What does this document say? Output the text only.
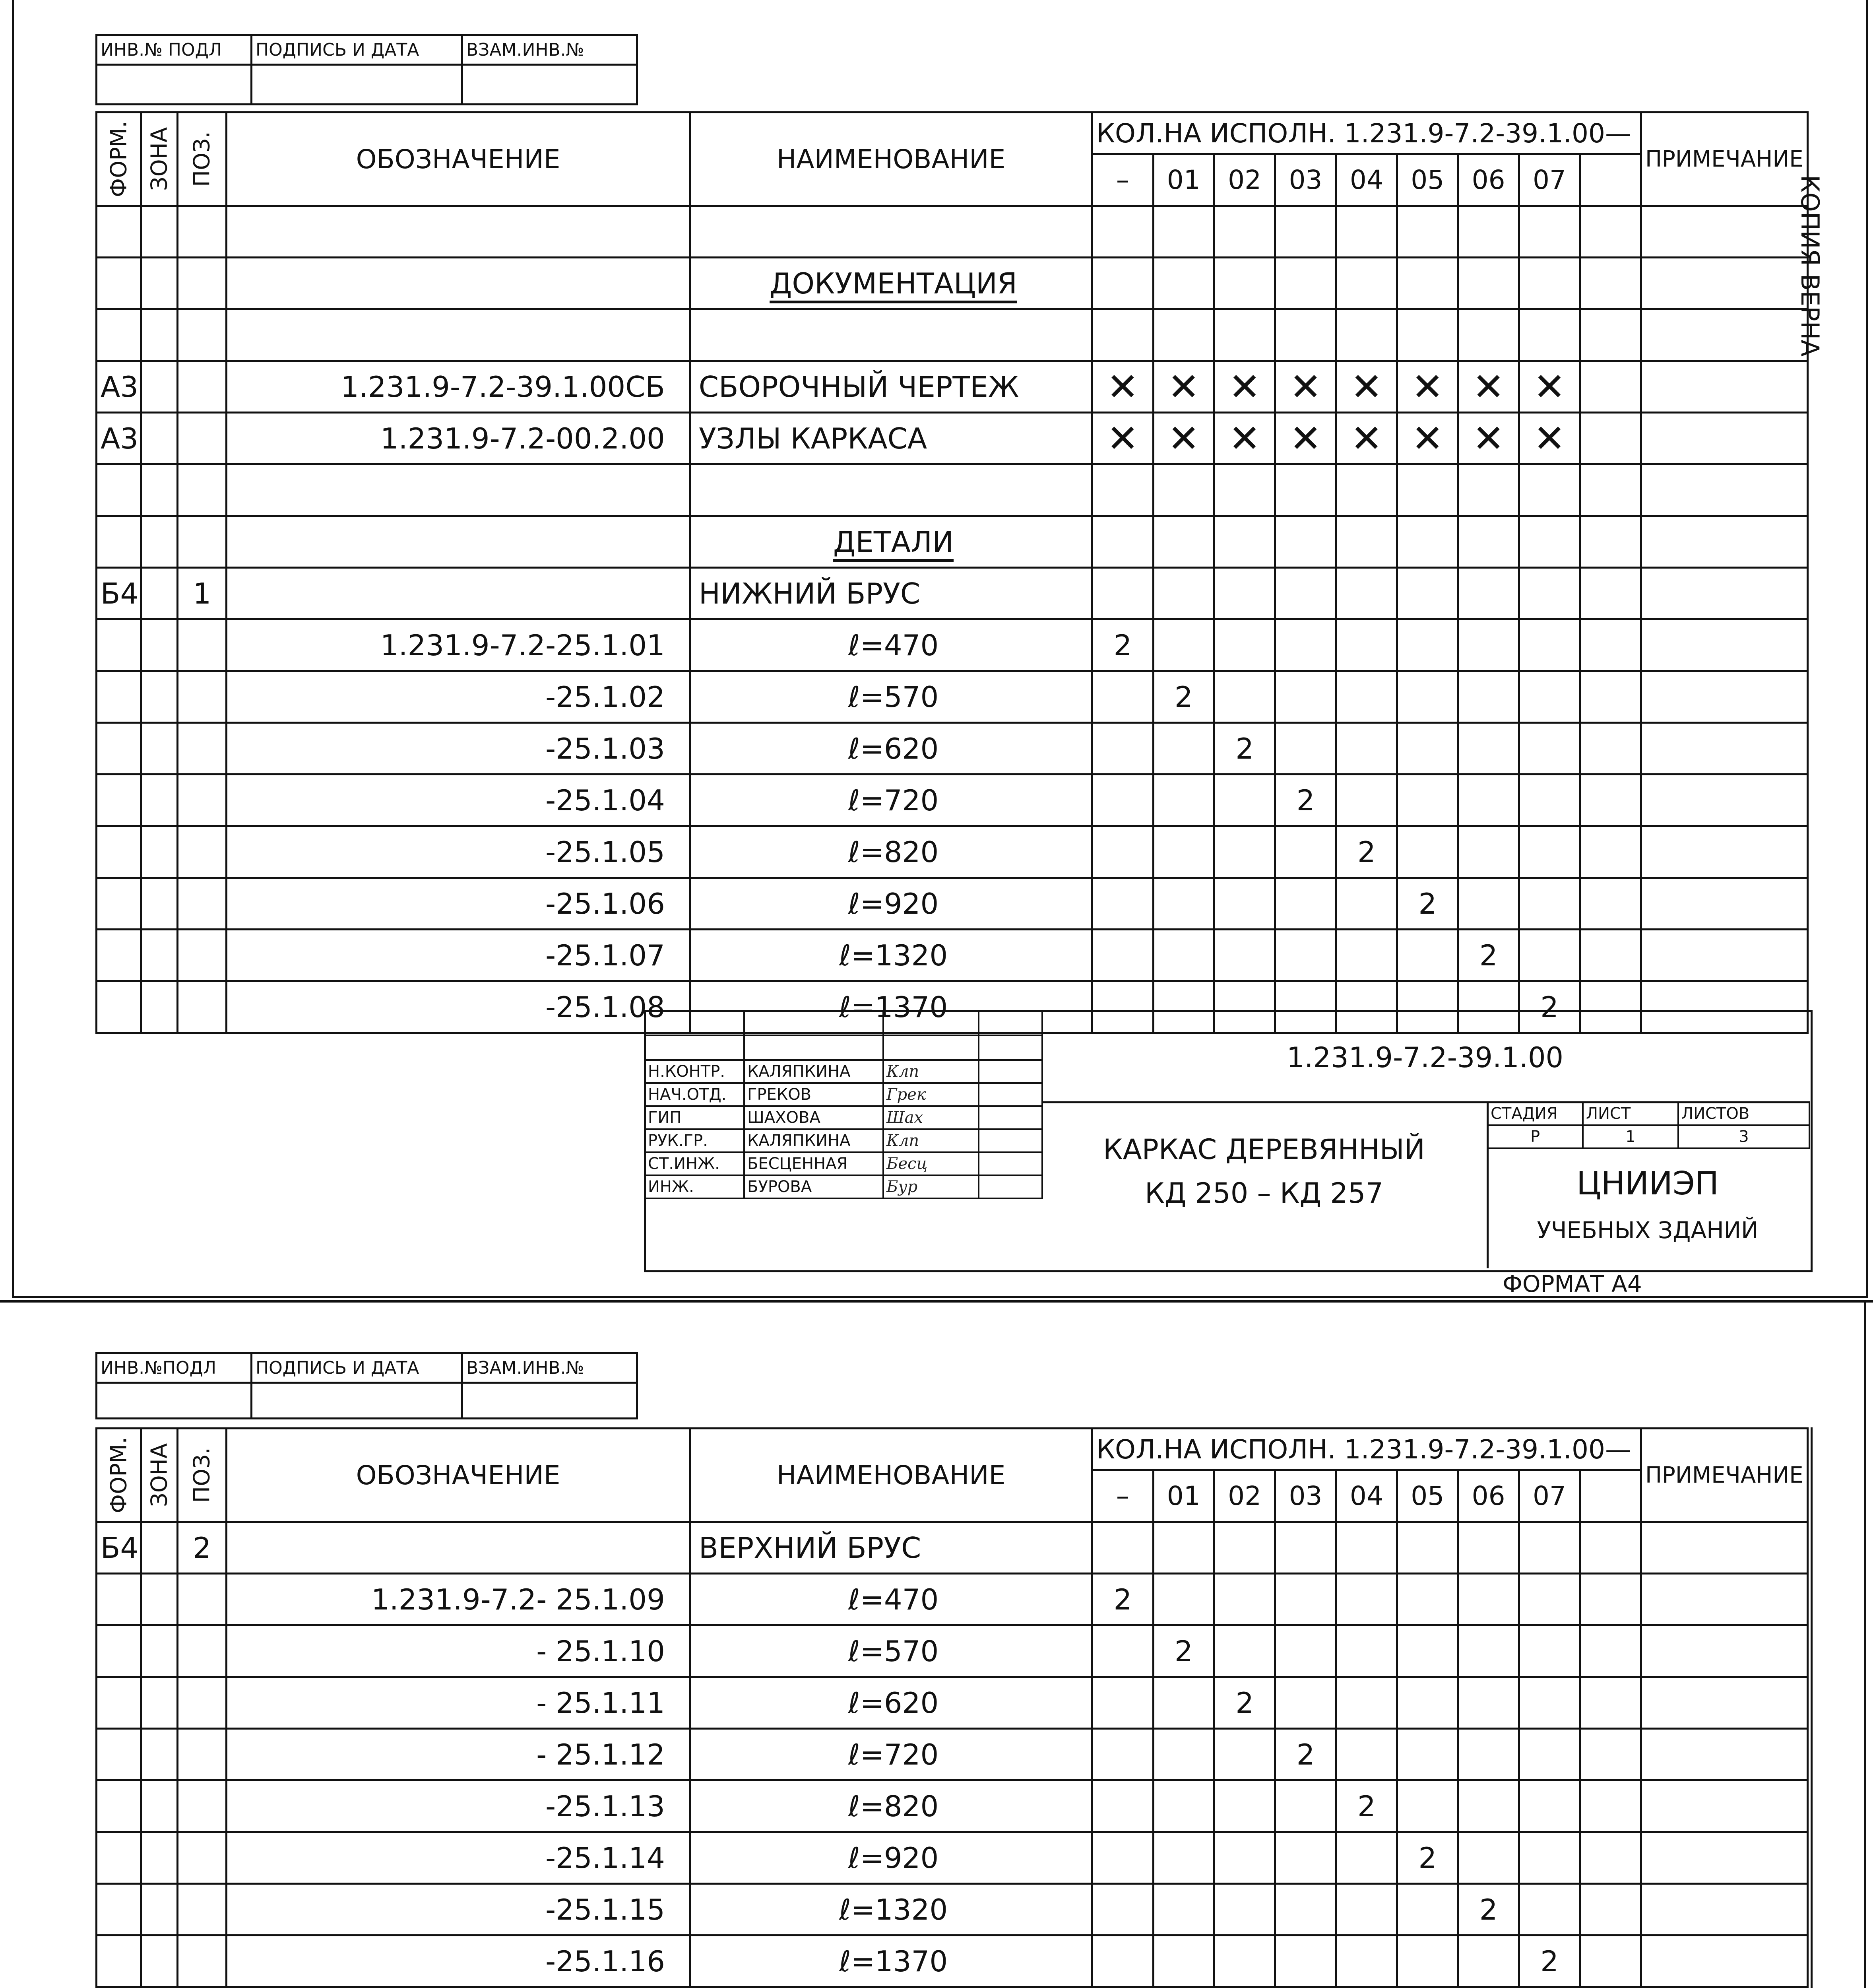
ИНВ.№ ПОДЛ	ПОДПИСЬ И ДАТА	ВЗАМ.ИНВ.№

ФОРМ.	ЗОНА	ПОЗ.	ОБОЗНАЧЕНИЕ	НАИМЕНОВАНИЕ	КОЛ.НА ИСПОЛН. 1.231.9-7.2-39.1.00—									ПРИМЕЧАНИЕ
					–	01	02	03	04	05	06	07		

				ДОКУМЕНТАЦИЯ										

А3			1.231.9-7.2-39.1.00СБ	СБОРОЧНЫЙ ЧЕРТЕЖ	✕	✕	✕	✕	✕	✕	✕	✕		
А3			1.231.9-7.2-00.2.00	УЗЛЫ КАРКАСА	✕	✕	✕	✕	✕	✕	✕	✕		

				ДЕТАЛИ										
Б4		1		НИЖНИЙ БРУС										
			1.231.9-7.2-25.1.01	ℓ=470	2									
			-25.1.02	ℓ=570		2								
			-25.1.03	ℓ=620			2							
			-25.1.04	ℓ=720				2						
			-25.1.05	ℓ=820					2					
			-25.1.06	ℓ=920						2				
			-25.1.07	ℓ=1320							2			
			-25.1.08	ℓ=1370								2		

Н.КОНТР.	КАЛЯПКИНА	Клп	
НАЧ.ОТД.	ГРЕКОВ	Грек	
ГИП	ШАХОВА	Шах	
РУК.ГР.	КАЛЯПКИНА	Клп	
СТ.ИНЖ.	БЕСЦЕННАЯ	Бесц	
ИНЖ.	БУРОВА	Бур	
1.231.9-7.2-39.1.00
КАРКАС ДЕРЕВЯННЫЙ
КД 250 – КД 257
СТАДИЯ	ЛИСТ	ЛИСТОВ
Р	1	3
ЦНИИЭП
УЧЕБНЫХ ЗДАНИЙ
ФОРМАТ А4
КОПИЯ ВЕРНА
ИНВ.№ПОДЛ	ПОДПИСЬ И ДАТА	ВЗАМ.ИНВ.№

ФОРМ.	ЗОНА	ПОЗ.	ОБОЗНАЧЕНИЕ	НАИМЕНОВАНИЕ	КОЛ.НА ИСПОЛН. 1.231.9-7.2-39.1.00—									ПРИМЕЧАНИЕ
					–	01	02	03	04	05	06	07		
Б4		2		ВЕРХНИЙ БРУС										
			1.231.9-7.2- 25.1.09	ℓ=470	2									
			- 25.1.10	ℓ=570		2								
			- 25.1.11	ℓ=620			2							
			- 25.1.12	ℓ=720				2						
			-25.1.13	ℓ=820					2					
			-25.1.14	ℓ=920						2				
			-25.1.15	ℓ=1320							2			
			-25.1.16	ℓ=1370								2		
